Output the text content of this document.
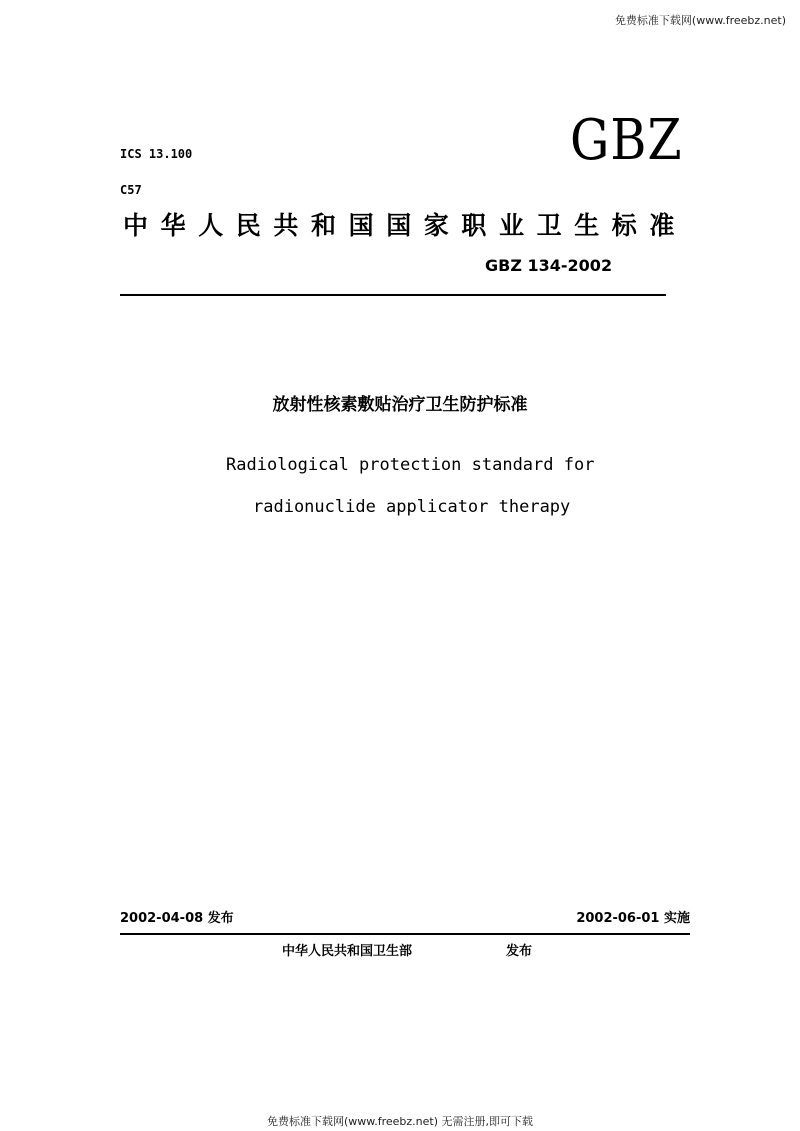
免费标准下载网(www.freebz.net)
ICS 13.100	GBZ
C57
中华人民共和国国家职业卫生标准
GBZ 134-2002
放射性核素敷贴治疗卫生防护标准
Radiological protection standard for
radionuclide applicator therapy
2002-04-08 发布	2002-06-01 实施
中华人民共和国卫生部	发布
免费标准下载网(www.freebz.net) 无需注册,即可下载
